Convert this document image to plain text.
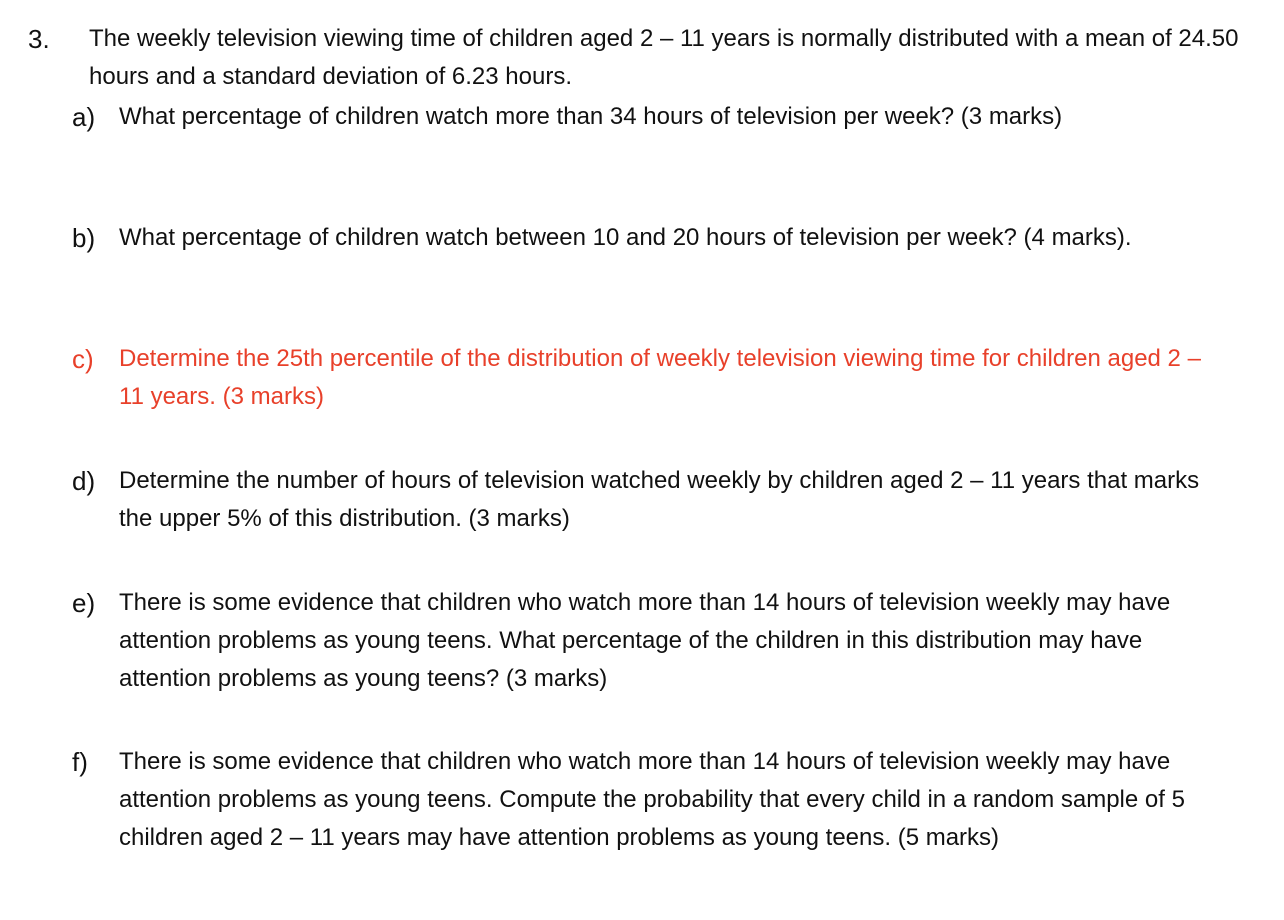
3. The weekly television viewing time of children aged 2 – 11 years is normally distributed with a mean of 24.50 hours and a standard deviation of 6.23 hours.
a) What percentage of children watch more than 34 hours of television per week? (3 marks)
b) What percentage of children watch between 10 and 20 hours of television per week? (4 marks).
c) Determine the 25th percentile of the distribution of weekly television viewing time for children aged 2 – 11 years. (3 marks)
d) Determine the number of hours of television watched weekly by children aged 2 – 11 years that marks the upper 5% of this distribution. (3 marks)
e) There is some evidence that children who watch more than 14 hours of television weekly may have attention problems as young teens. What percentage of the children in this distribution may have attention problems as young teens? (3 marks)
f) There is some evidence that children who watch more than 14 hours of television weekly may have attention problems as young teens. Compute the probability that every child in a random sample of 5 children aged 2 – 11 years may have attention problems as young teens. (5 marks)
